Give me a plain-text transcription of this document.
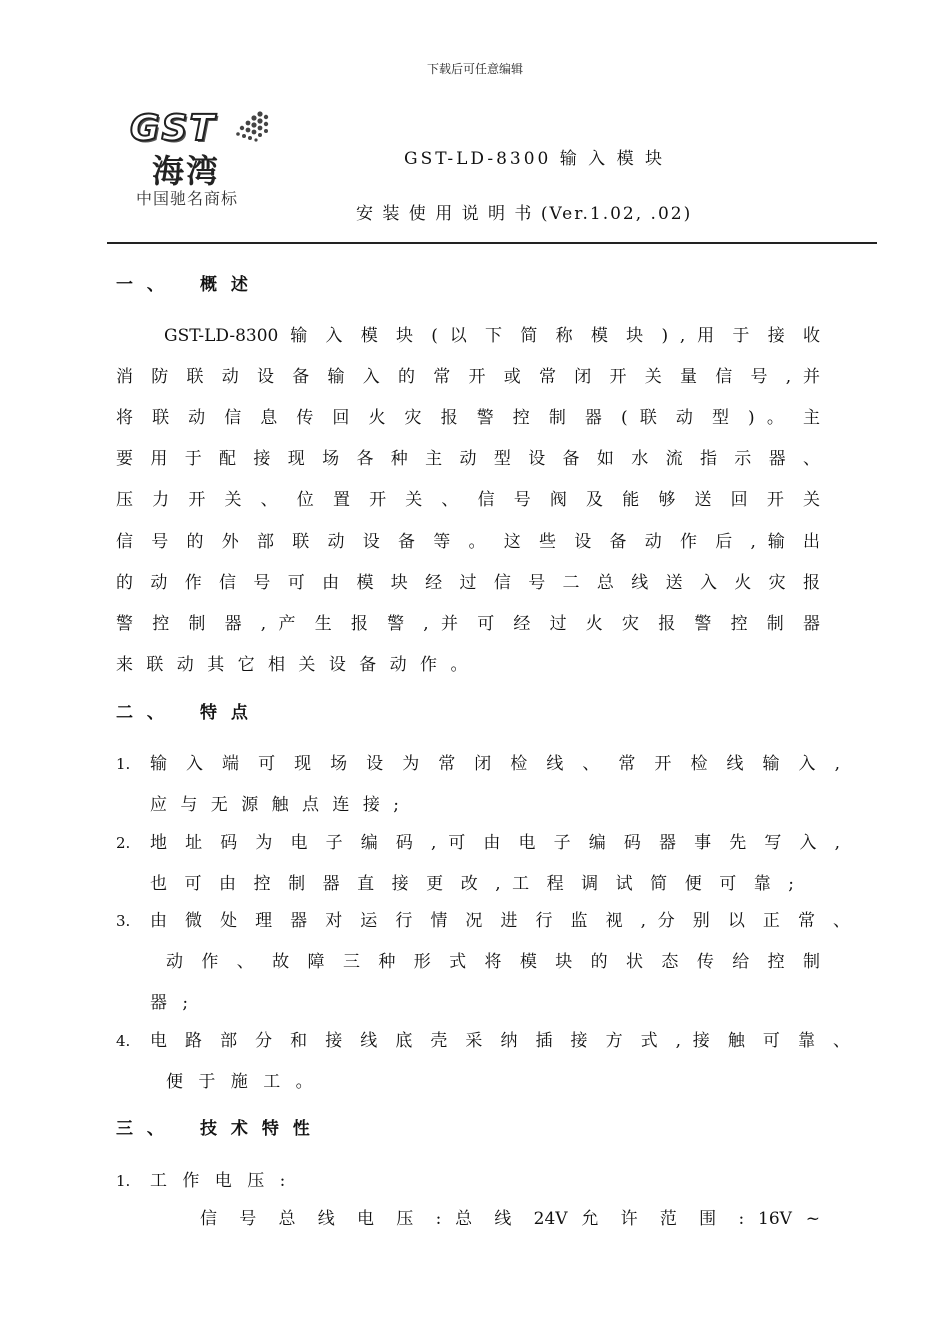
下载后可任意编辑
GST
海湾
中国驰名商标
GST-LD-8300 输 入 模 块
安 装 使 用 说 明 书 (Ver.1.02, .02)
一 、 概 述
GST-LD-8300 输 入 模 块 ( 以 下 简 称 模 块 ) , 用 于 接 收
消 防 联 动 设 备 输 入 的 常 开 或 常 闭 开 关 量 信 号 , 并
将 联 动 信 息 传 回 火 灾 报 警 控 制 器 ( 联 动 型 ) 。 主
要 用 于 配 接 现 场 各 种 主 动 型 设 备 如 水 流 指 示 器 、
压 力 开 关 、 位 置 开 关 、 信 号 阀 及 能 够 送 回 开 关
信 号 的 外 部 联 动 设 备 等 。 这 些 设 备 动 作 后 , 输 出
的 动 作 信 号 可 由 模 块 经 过 信 号 二 总 线 送 入 火 灾 报
警 控 制 器 , 产 生 报 警 , 并 可 经 过 火 灾 报 警 控 制 器
来 联 动 其 它 相 关 设 备 动 作 。
二 、 特 点
1. 输 入 端 可 现 场 设 为 常 闭 检 线 、 常 开 检 线 输 入 ,
应 与 无 源 触 点 连 接 ;
2. 地 址 码 为 电 子 编 码 , 可 由 电 子 编 码 器 事 先 写 入 ,
也 可 由 控 制 器 直 接 更 改 , 工 程 调 试 简 便 可 靠 ;
3. 由 微 处 理 器 对 运 行 情 况 进 行 监 视 , 分 别 以 正 常 、
动 作 、 故 障 三 种 形 式 将 模 块 的 状 态 传 给 控 制
器 ;
4. 电 路 部 分 和 接 线 底 壳 采 纳 插 接 方 式 , 接 触 可 靠 、
便 于 施 工 。
三 、 技 术 特 性
1. 工 作 电 压 :
信 号 总 线 电 压 : 总 线 24V 允 许 范 围 : 16V ~
